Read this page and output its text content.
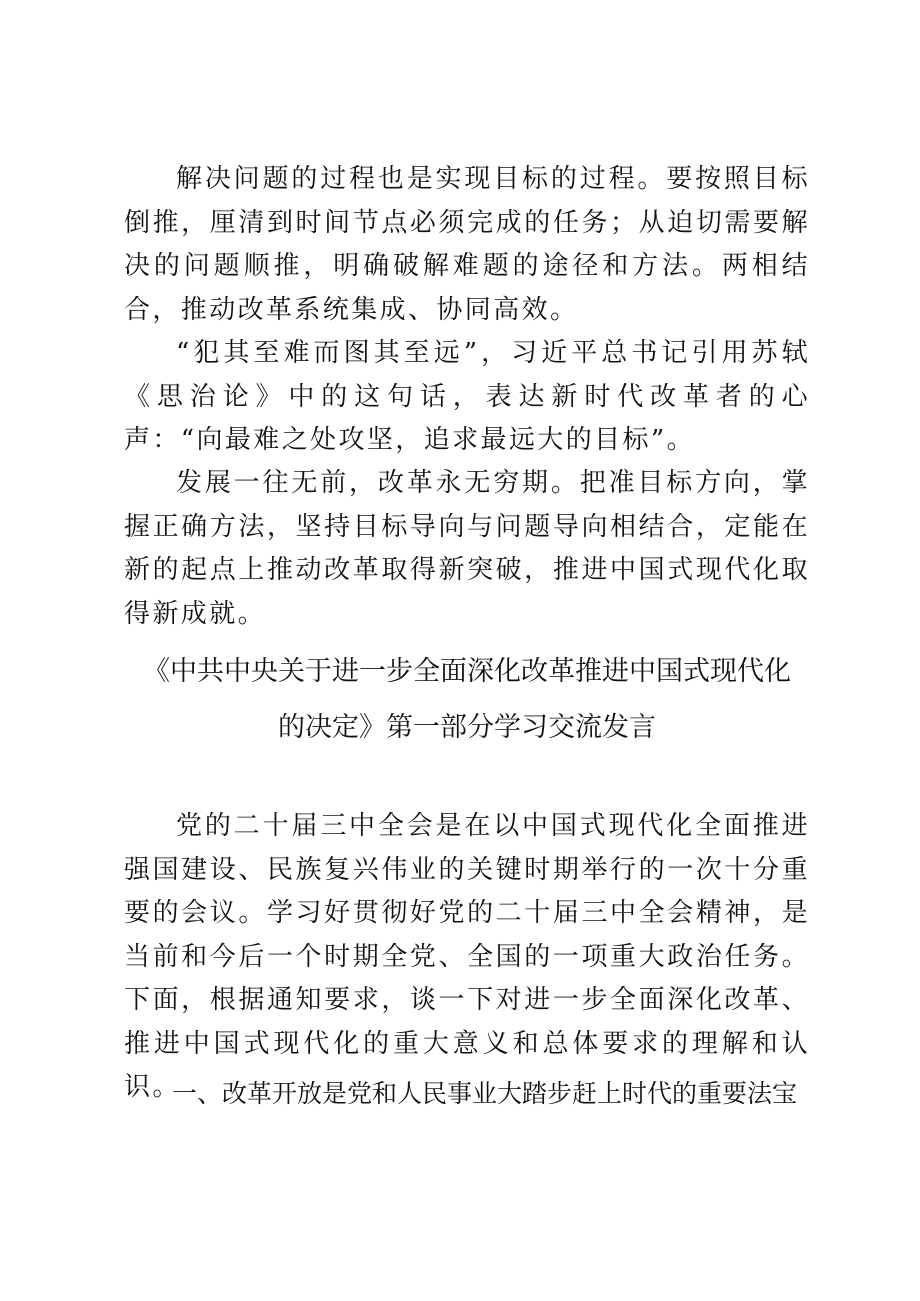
解决问题的过程也是实现目标的过程。要按照目标倒推，厘清到时间节点必须完成的任务；从迫切需要解决的问题顺推，明确破解难题的途径和方法。两相结合，推动改革系统集成、协同高效。

“犯其至难而图其至远”，习近平总书记引用苏轼《思治论》中的这句话，表达新时代改革者的心声：“向最难之处攻坚，追求最远大的目标”。

发展一往无前，改革永无穷期。把准目标方向，掌握正确方法，坚持目标导向与问题导向相结合，定能在新的起点上推动改革取得新突破，推进中国式现代化取得新成就。

《中共中央关于进一步全面深化改革推进中国式现代化
的决定》第一部分学习交流发言

党的二十届三中全会是在以中国式现代化全面推进强国建设、民族复兴伟业的关键时期举行的一次十分重要的会议。学习好贯彻好党的二十届三中全会精神，是当前和今后一个时期全党、全国的一项重大政治任务。下面，根据通知要求，谈一下对进一步全面深化改革、推进中国式现代化的重大意义和总体要求的理解和认识。

一、改革开放是党和人民事业大踏步赶上时代的重要法宝
